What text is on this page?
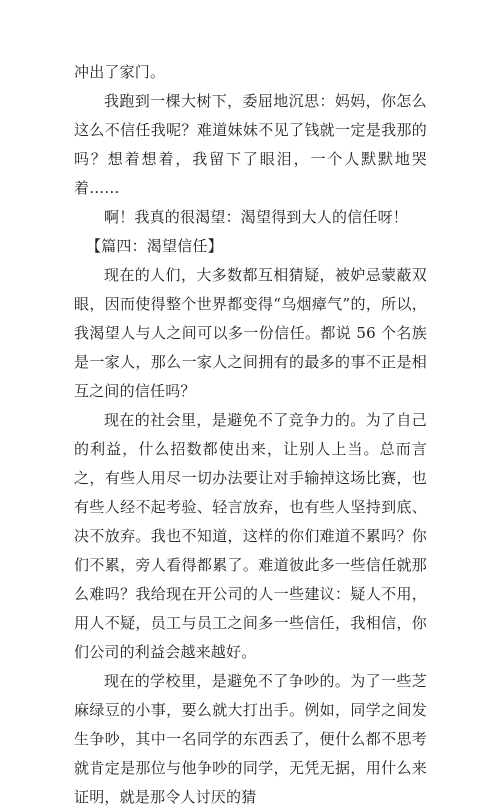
冲出了家门。

我跑到一棵大树下，委屈地沉思：妈妈，你怎么这么不信任我呢？难道妹妹不见了钱就一定是我那的吗？想着想着，我留下了眼泪，一个人默默地哭着……

啊！我真的很渴望：渴望得到大人的信任呀！

【篇四：渴望信任】

现在的人们，大多数都互相猜疑，被妒忌蒙蔽双眼，因而使得整个世界都变得“乌烟瘴气”的，所以，我渴望人与人之间可以多一份信任。都说 56 个名族是一家人，那么一家人之间拥有的最多的事不正是相互之间的信任吗？

现在的社会里，是避免不了竞争力的。为了自己的利益，什么招数都使出来，让别人上当。总而言之，有些人用尽一切办法要让对手输掉这场比赛，也有些人经不起考验、轻言放弃，也有些人坚持到底、决不放弃。我也不知道，这样的你们难道不累吗？你们不累，旁人看得都累了。难道彼此多一些信任就那么难吗？我给现在开公司的人一些建议：疑人不用，用人不疑，员工与员工之间多一些信任，我相信，你们公司的利益会越来越好。

现在的学校里，是避免不了争吵的。为了一些芝麻绿豆的小事，要么就大打出手。例如，同学之间发生争吵，其中一名同学的东西丢了，便什么都不思考就肯定是那位与他争吵的同学，无凭无据，用什么来证明，就是那令人讨厌的猜
